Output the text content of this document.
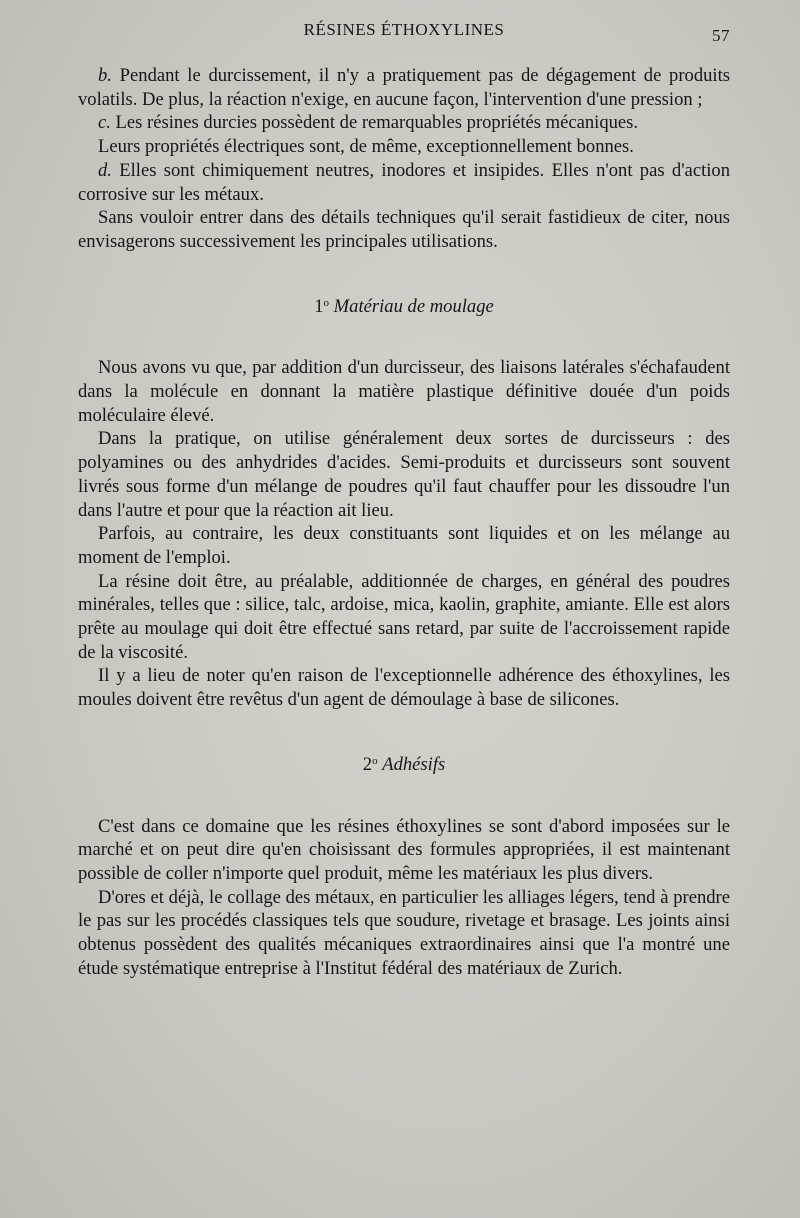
RÉSINES ÉTHOXYLINES	57

b. Pendant le durcissement, il n'y a pratiquement pas de dégagement de produits volatils. De plus, la réaction n'exige, en aucune façon, l'intervention d'une pression ;

c. Les résines durcies possèdent de remarquables propriétés mécaniques.

Leurs propriétés électriques sont, de même, exceptionnellement bonnes.

d. Elles sont chimiquement neutres, inodores et insipides. Elles n'ont pas d'action corrosive sur les métaux.

Sans vouloir entrer dans des détails techniques qu'il serait fastidieux de citer, nous envisagerons successivement les principales utilisations.

1$^o$ Matériau de moulage

Nous avons vu que, par addition d'un durcisseur, des liaisons latérales s'échafaudent dans la molécule en donnant la matière plastique définitive douée d'un poids moléculaire élevé.

Dans la pratique, on utilise généralement deux sortes de durcisseurs : des polyamines ou des anhydrides d'acides. Semi-produits et durcisseurs sont souvent livrés sous forme d'un mélange de poudres qu'il faut chauffer pour les dissoudre l'un dans l'autre et pour que la réaction ait lieu.

Parfois, au contraire, les deux constituants sont liquides et on les mélange au moment de l'emploi.

La résine doit être, au préalable, additionnée de charges, en général des poudres minérales, telles que : silice, talc, ardoise, mica, kaolin, graphite, amiante. Elle est alors prête au moulage qui doit être effectué sans retard, par suite de l'accroissement rapide de la viscosité.

Il y a lieu de noter qu'en raison de l'exceptionnelle adhérence des éthoxylines, les moules doivent être revêtus d'un agent de démoulage à base de silicones.

2$^o$ Adhésifs

C'est dans ce domaine que les résines éthoxylines se sont d'abord imposées sur le marché et on peut dire qu'en choisissant des formules appropriées, il est maintenant possible de coller n'importe quel produit, même les matériaux les plus divers.

D'ores et déjà, le collage des métaux, en particulier les alliages légers, tend à prendre le pas sur les procédés classiques tels que soudure, rivetage et brasage. Les joints ainsi obtenus possèdent des qualités mécaniques extraordinaires ainsi que l'a montré une étude systématique entreprise à l'Institut fédéral des matériaux de Zurich.
